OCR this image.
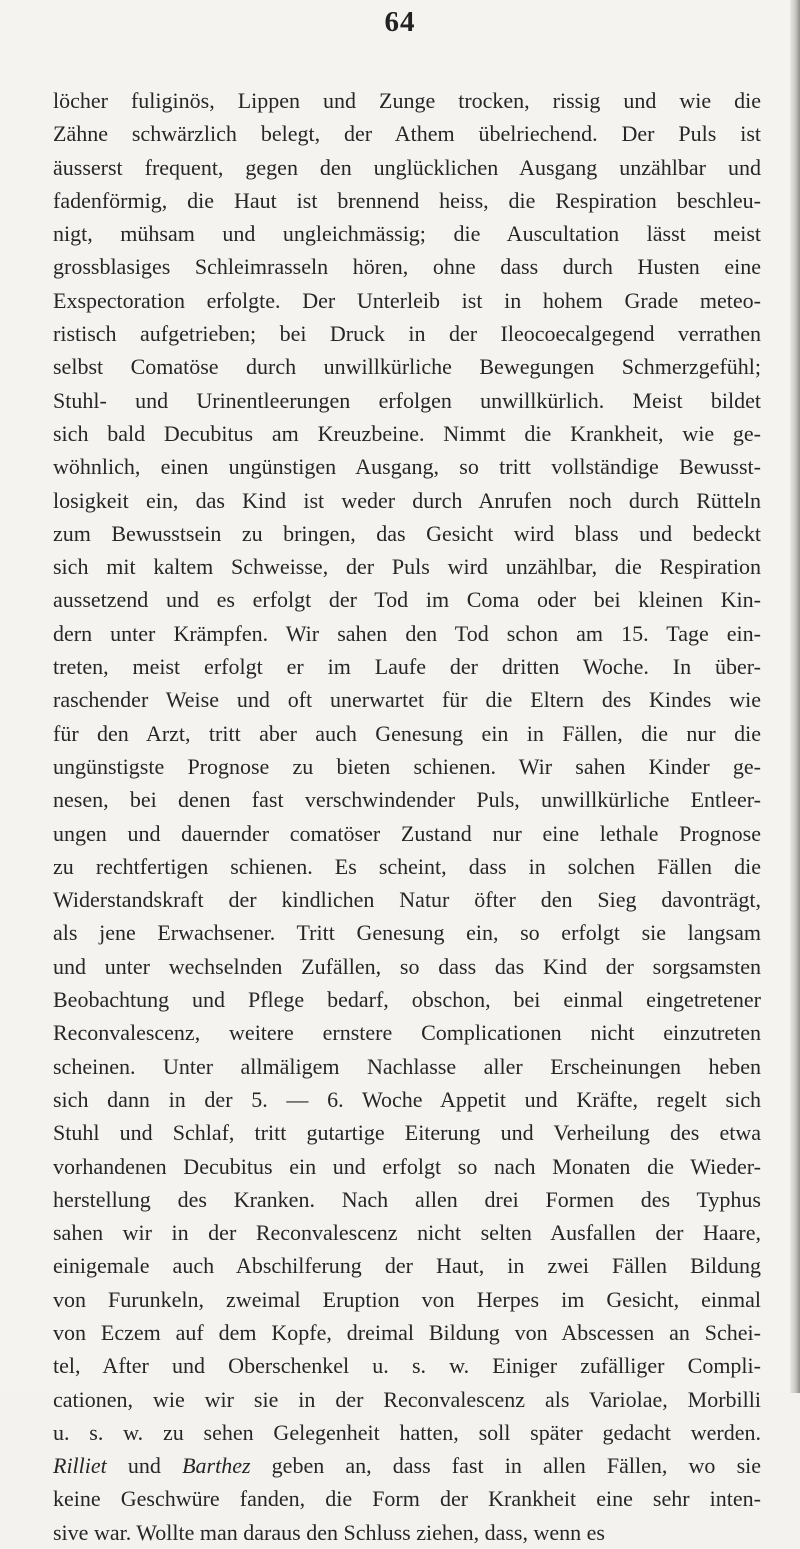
64
löcher fuliginös, Lippen und Zunge trocken, rissig und wie die
Zähne schwärzlich belegt, der Athem übelriechend. Der Puls ist
äusserst frequent, gegen den unglücklichen Ausgang unzählbar und
fadenförmig, die Haut ist brennend heiss, die Respiration beschleu-
nigt, mühsam und ungleichmässig; die Auscultation lässt meist
grossblasiges Schleimrasseln hören, ohne dass durch Husten eine
Exspectoration erfolgte. Der Unterleib ist in hohem Grade meteo-
ristisch aufgetrieben; bei Druck in der Ileocoecalgegend verrathen
selbst Comatöse durch unwillkürliche Bewegungen Schmerzgefühl;
Stuhl- und Urinentleerungen erfolgen unwillkürlich. Meist bildet
sich bald Decubitus am Kreuzbeine. Nimmt die Krankheit, wie ge-
wöhnlich, einen ungünstigen Ausgang, so tritt vollständige Bewusst-
losigkeit ein, das Kind ist weder durch Anrufen noch durch Rütteln
zum Bewusstsein zu bringen, das Gesicht wird blass und bedeckt
sich mit kaltem Schweisse, der Puls wird unzählbar, die Respiration
aussetzend und es erfolgt der Tod im Coma oder bei kleinen Kin-
dern unter Krämpfen. Wir sahen den Tod schon am 15. Tage ein-
treten, meist erfolgt er im Laufe der dritten Woche. In über-
raschender Weise und oft unerwartet für die Eltern des Kindes wie
für den Arzt, tritt aber auch Genesung ein in Fällen, die nur die
ungünstigste Prognose zu bieten schienen. Wir sahen Kinder ge-
nesen, bei denen fast verschwindender Puls, unwillkürliche Entleer-
ungen und dauernder comatöser Zustand nur eine lethale Prognose
zu rechtfertigen schienen. Es scheint, dass in solchen Fällen die
Widerstandskraft der kindlichen Natur öfter den Sieg davonträgt,
als jene Erwachsener. Tritt Genesung ein, so erfolgt sie langsam
und unter wechselnden Zufällen, so dass das Kind der sorgsamsten
Beobachtung und Pflege bedarf, obschon, bei einmal eingetretener
Reconvalescenz, weitere ernstere Complicationen nicht einzutreten
scheinen. Unter allmäligem Nachlasse aller Erscheinungen heben
sich dann in der 5. — 6. Woche Appetit und Kräfte, regelt sich
Stuhl und Schlaf, tritt gutartige Eiterung und Verheilung des etwa
vorhandenen Decubitus ein und erfolgt so nach Monaten die Wieder-
herstellung des Kranken. Nach allen drei Formen des Typhus
sahen wir in der Reconvalescenz nicht selten Ausfallen der Haare,
einigemale auch Abschilferung der Haut, in zwei Fällen Bildung
von Furunkeln, zweimal Eruption von Herpes im Gesicht, einmal
von Eczem auf dem Kopfe, dreimal Bildung von Abscessen an Schei-
tel, After und Oberschenkel u. s. w. Einiger zufälliger Compli-
cationen, wie wir sie in der Reconvalescenz als Variolae, Morbilli
u. s. w. zu sehen Gelegenheit hatten, soll später gedacht werden.
Rilliet und Barthez geben an, dass fast in allen Fällen, wo sie
keine Geschwüre fanden, die Form der Krankheit eine sehr inten-
sive war. Wollte man daraus den Schluss ziehen, dass, wenn es
